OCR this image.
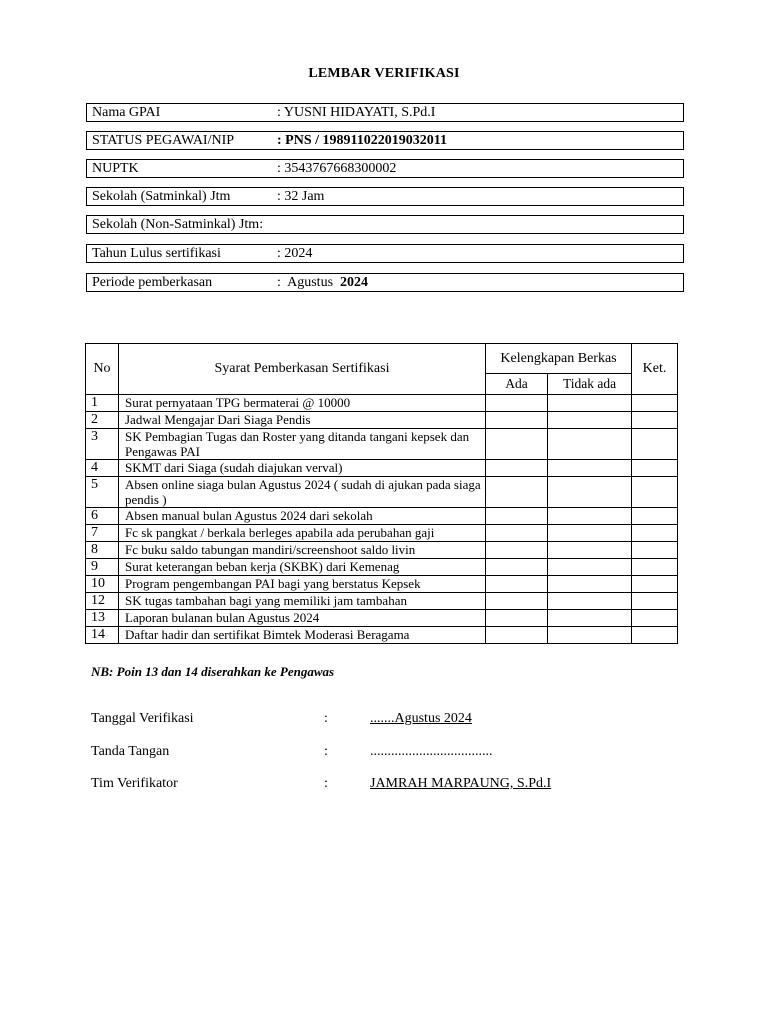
LEMBAR VERIFIKASI
Nama GPAI	: YUSNI HIDAYATI, S.Pd.I
STATUS PEGAWAI/NIP	: PNS / 198911022019032011
NUPTK	: 3543767668300002
Sekolah (Satminkal) Jtm	: 32 Jam
Sekolah (Non-Satminkal) Jtm:
Tahun Lulus sertifikasi	: 2024
Periode pemberkasan	:  Agustus  2024
No	Syarat Pemberkasan Sertifikasi	Kelengkapan Berkas		Ket.
		Ada	Tidak ada	
1	Surat pernyataan TPG bermaterai @ 10000			
2	Jadwal Mengajar Dari Siaga Pendis			
3	SK Pembagian Tugas dan Roster yang ditanda tangani kepsek dan Pengawas PAI			
4	SKMT dari Siaga (sudah diajukan verval)			
5	Absen online siaga bulan Agustus 2024 ( sudah di ajukan pada siaga pendis )			
6	Absen manual bulan Agustus 2024 dari sekolah			
7	Fc sk pangkat / berkala berleges apabila ada perubahan gaji			
8	Fc buku saldo tabungan mandiri/screenshoot saldo livin			
9	Surat keterangan beban kerja (SKBK) dari Kemenag			
10	Program pengembangan PAI bagi yang berstatus Kepsek			
12	SK tugas tambahan bagi yang memiliki jam tambahan			
13	Laporan bulanan bulan Agustus 2024			
14	Daftar hadir dan sertifikat Bimtek Moderasi Beragama			
NB: Poin 13 dan 14 diserahkan ke Pengawas
Tanggal Verifikasi	:	.......Agustus 2024
Tanda Tangan	:	...................................
Tim Verifikator	:	JAMRAH MARPAUNG, S.Pd.I
